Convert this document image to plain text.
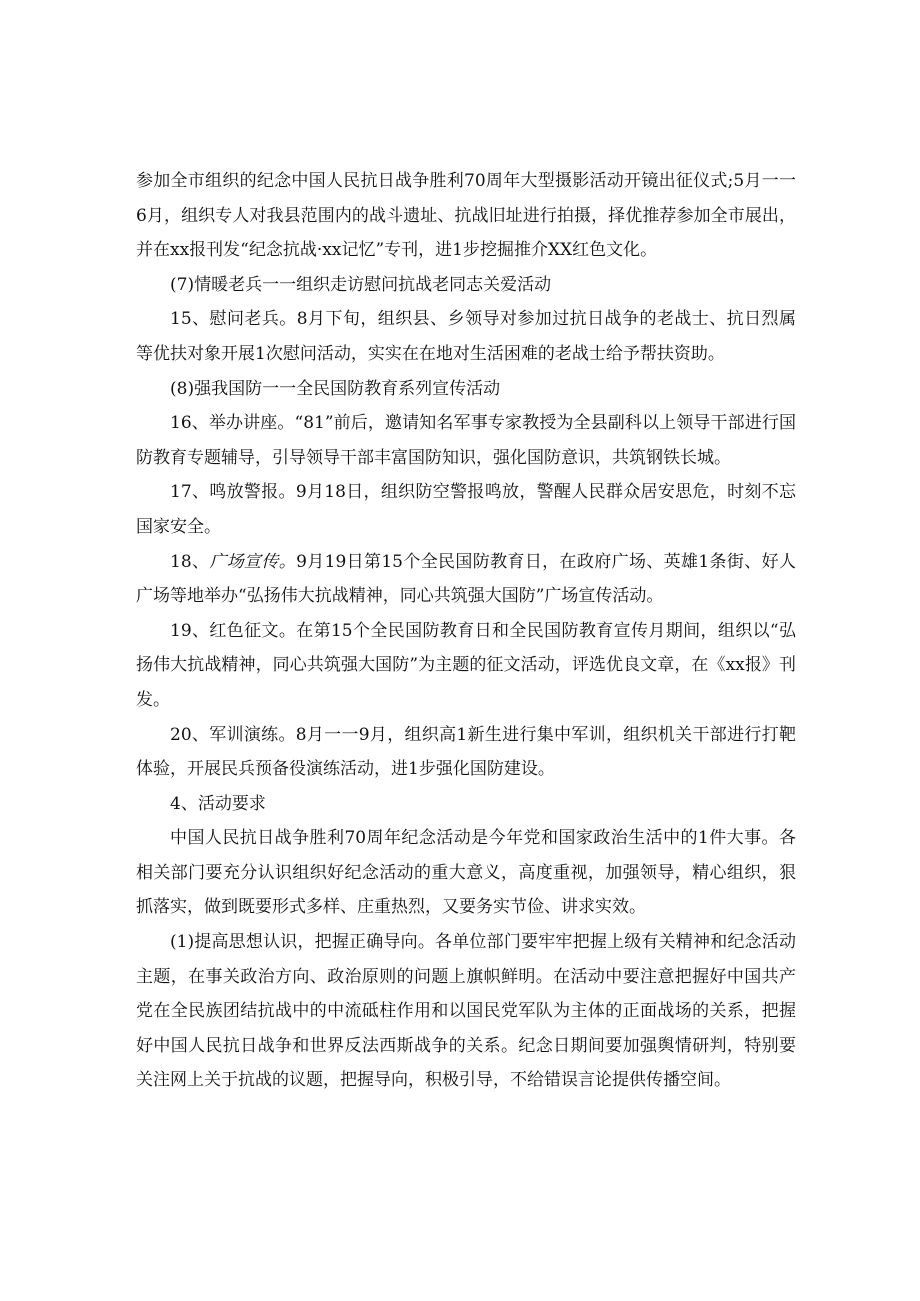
参加全市组织的纪念中国人民抗日战争胜利70周年大型摄影活动开镜出征仪式;5月一一6月，组织专人对我县范围内的战斗遗址、抗战旧址进行拍摄，择优推荐参加全市展出，并在xx报刊发“纪念抗战·xx记忆”专刊，进1步挖掘推介XX红色文化。

(7)情暖老兵一一组织走访慰问抗战老同志关爱活动

15、慰问老兵。8月下旬，组织县、乡领导对参加过抗日战争的老战士、抗日烈属等优扶对象开展1次慰问活动，实实在在地对生活困难的老战士给予帮扶资助。

(8)强我国防一一全民国防教育系列宣传活动

16、举办讲座。“81”前后，邀请知名军事专家教授为全县副科以上领导干部进行国防教育专题辅导，引导领导干部丰富国防知识，强化国防意识，共筑钢铁长城。

17、鸣放警报。9月18日，组织防空警报鸣放，警醒人民群众居安思危，时刻不忘国家安全。

18、广场宣传。9月19日第15个全民国防教育日，在政府广场、英雄1条街、好人广场等地举办“弘扬伟大抗战精神，同心共筑强大国防”广场宣传活动。

19、红色征文。在第15个全民国防教育日和全民国防教育宣传月期间，组织以“弘扬伟大抗战精神，同心共筑强大国防”为主题的征文活动，评选优良文章，在《xx报》刊发。

20、军训演练。8月一一9月，组织高1新生进行集中军训，组织机关干部进行打靶体验，开展民兵预备役演练活动，进1步强化国防建设。

4、活动要求

中国人民抗日战争胜利70周年纪念活动是今年党和国家政治生活中的1件大事。各相关部门要充分认识组织好纪念活动的重大意义，高度重视，加强领导，精心组织，狠抓落实，做到既要形式多样、庄重热烈，又要务实节俭、讲求实效。

(1)提高思想认识，把握正确导向。各单位部门要牢牢把握上级有关精神和纪念活动主题，在事关政治方向、政治原则的问题上旗帜鲜明。在活动中要注意把握好中国共产党在全民族团结抗战中的中流砥柱作用和以国民党军队为主体的正面战场的关系，把握好中国人民抗日战争和世界反法西斯战争的关系。纪念日期间要加强舆情研判，特别要关注网上关于抗战的议题，把握导向，积极引导，不给错误言论提供传播空间。
